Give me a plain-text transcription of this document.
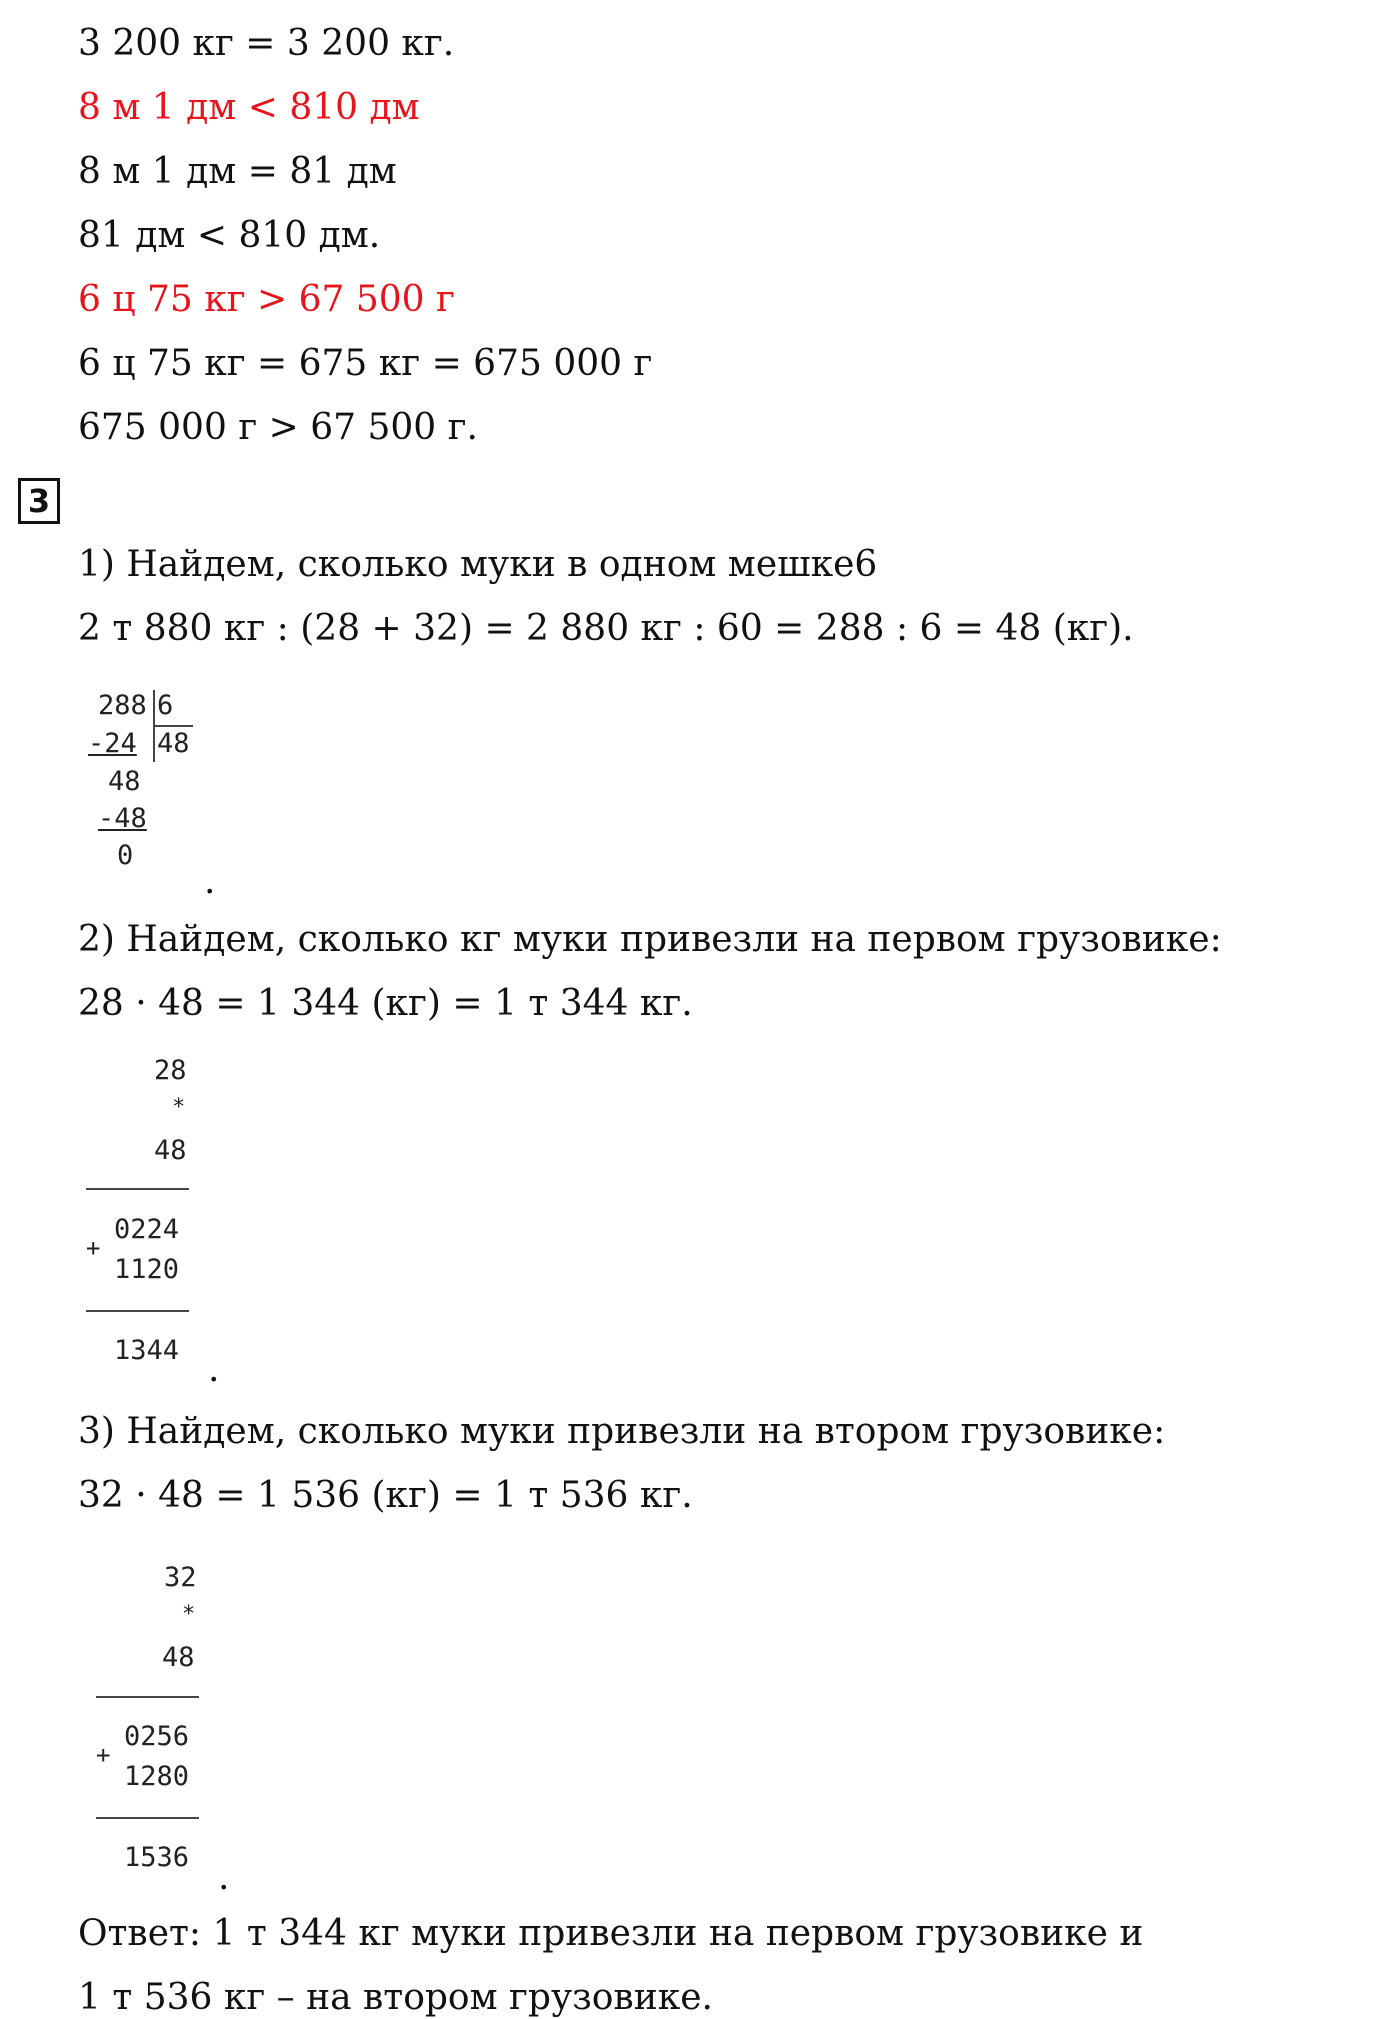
3 200 кг = 3 200 кг.
8 м 1 дм < 810 дм
8 м 1 дм = 81 дм
81 дм < 810 дм.
6 ц 75 кг > 67 500 г
6 ц 75 кг = 675 кг = 675 000 г
675 000 г > 67 500 г.
3
1) Найдем, сколько муки в одном мешке6
2 т 880 кг : (28 + 32) = 2 880 кг : 60 = 288 : 6 = 48 (кг).
288 6
-24 48
48
-48
0
.
2) Найдем, сколько кг муки привезли на первом грузовике:
28 · 48 = 1 344 (кг) = 1 т 344 кг.
28
*
48
0224
+
1120
1344 .
3) Найдем, сколько муки привезли на втором грузовике:
32 · 48 = 1 536 (кг) = 1 т 536 кг.
32
*
48
0256
+
1280
1536 .
Ответ: 1 т 344 кг муки привезли на первом грузовике и
1 т 536 кг – на втором грузовике.
